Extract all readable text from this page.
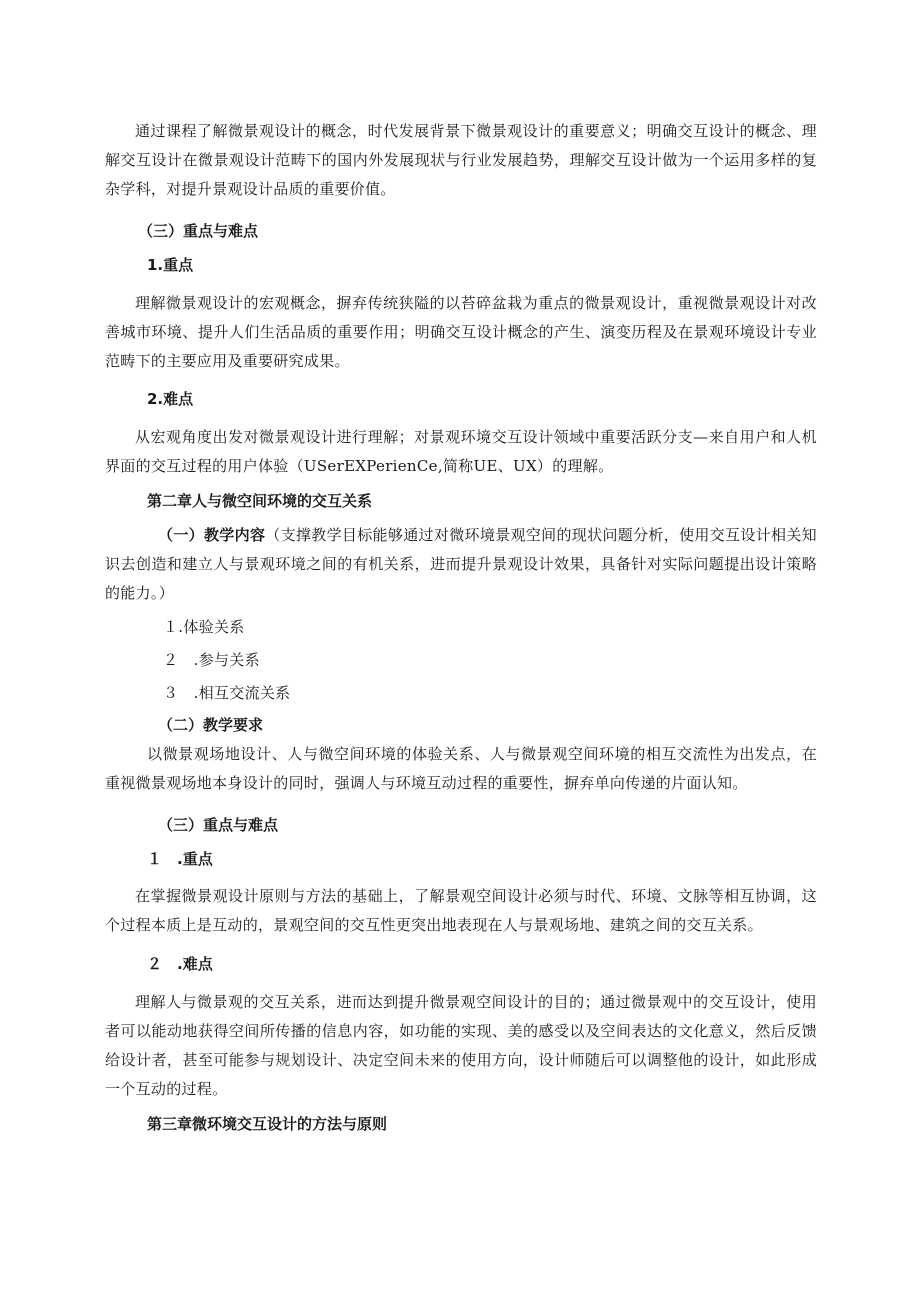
通过课程了解微景观设计的概念，时代发展背景下微景观设计的重要意义；明确交互设计的概念、理解交互设计在微景观设计范畴下的国内外发展现状与行业发展趋势，理解交互设计做为一个运用多样的复杂学科，对提升景观设计品质的重要价值。

（三）重点与难点

1.重点

理解微景观设计的宏观概念，摒弃传统狭隘的以苔碎盆栽为重点的微景观设计，重视微景观设计对改善城市环境、提升人们生活品质的重要作用；明确交互设计概念的产生、演变历程及在景观环境设计专业范畴下的主要应用及重要研究成果。

2.难点

从宏观角度出发对微景观设计进行理解；对景观环境交互设计领域中重要活跃分支—来自用户和人机界面的交互过程的用户体验（USerEXPerienCe,简称UE、UX）的理解。

第二章人与微空间环境的交互关系

（一）教学内容（支撑教学目标能够通过对微环境景观空间的现状问题分析，使用交互设计相关知识去创造和建立人与景观环境之间的有机关系，进而提升景观设计效果，具备针对实际问题提出设计策略的能力。）

１.体验关系

２　.参与关系

３　.相互交流关系

（二）教学要求

以微景观场地设计、人与微空间环境的体验关系、人与微景观空间环境的相互交流性为出发点，在重视微景观场地本身设计的同时，强调人与环境互动过程的重要性，摒弃单向传递的片面认知。

（三）重点与难点

１　.重点

在掌握微景观设计原则与方法的基础上，了解景观空间设计必须与时代、环境、文脉等相互协调，这个过程本质上是互动的，景观空间的交互性更突出地表现在人与景观场地、建筑之间的交互关系。

２　.难点

理解人与微景观的交互关系，进而达到提升微景观空间设计的目的；通过微景观中的交互设计，使用者可以能动地获得空间所传播的信息内容，如功能的实现、美的感受以及空间表达的文化意义，然后反馈给设计者，甚至可能参与规划设计、决定空间未来的使用方向，设计师随后可以调整他的设计，如此形成一个互动的过程。

第三章微环境交互设计的方法与原则
